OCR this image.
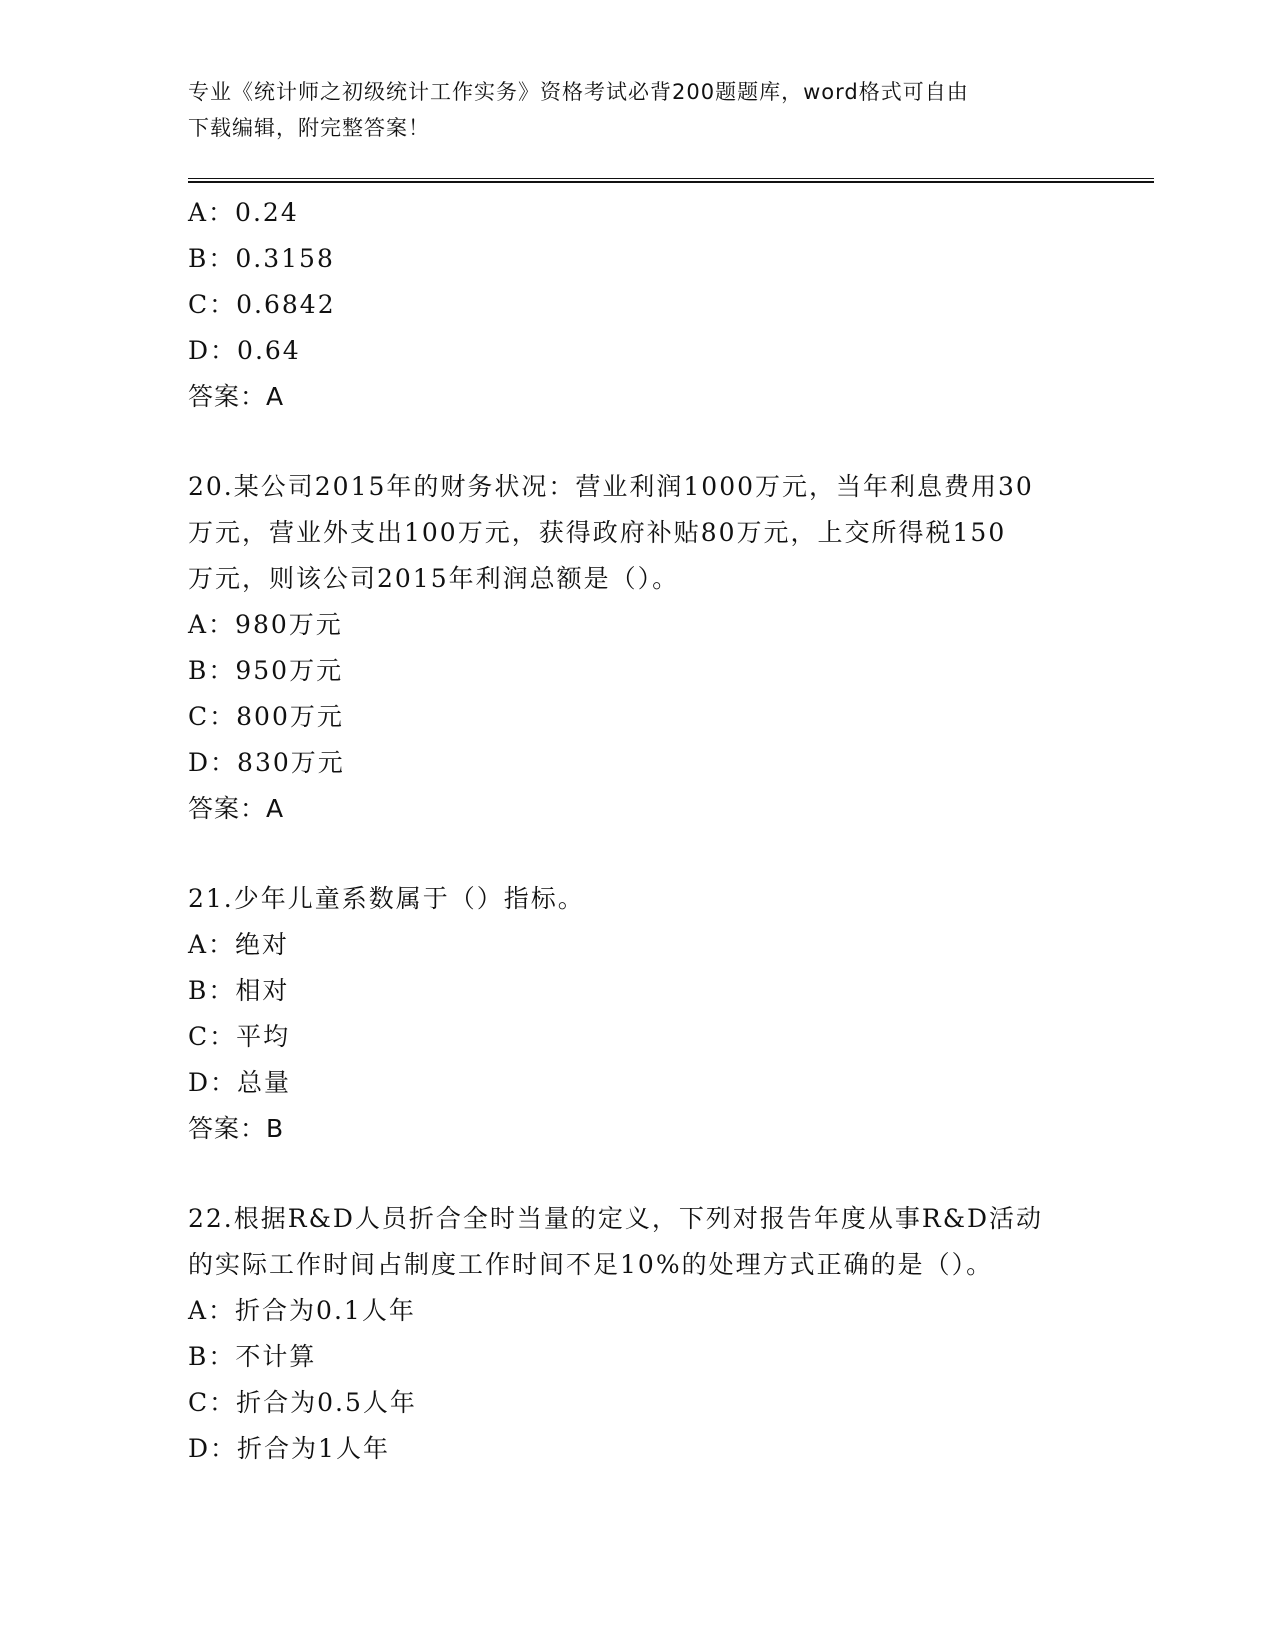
专业《统计师之初级统计工作实务》资格考试必背200题题库，word格式可自由
下载编辑，附完整答案！
A：0.24
B：0.3158
C：0.6842
D：0.64
答案：A
20.某公司2015年的财务状况：营业利润1000万元，当年利息费用30
万元，营业外支出100万元，获得政府补贴80万元，上交所得税150
万元，则该公司2015年利润总额是（）。
A：980万元
B：950万元
C：800万元
D：830万元
答案：A
21.少年儿童系数属于（）指标。
A：绝对
B：相对
C：平均
D：总量
答案：B
22.根据R&D人员折合全时当量的定义，下列对报告年度从事R&D活动
的实际工作时间占制度工作时间不足10%的处理方式正确的是（）。
A：折合为0.1人年
B：不计算
C：折合为0.5人年
D：折合为1人年
